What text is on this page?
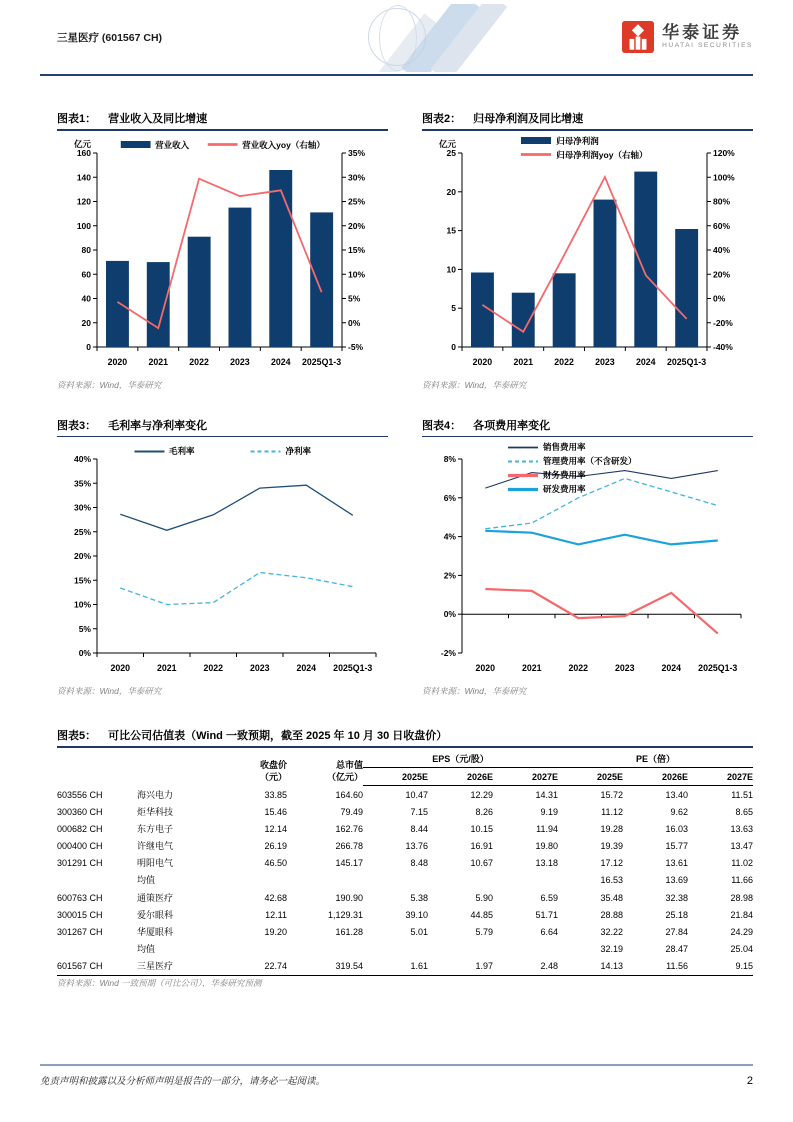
三星医疗 (601567 CH)	华泰证券
HUATAI SECURITIES
图表1： 营业收入及同比增速
0
20
40
60
80
100
120
140
160
亿元
-5%
0%
5%
10%
15%
20%
25%
30%
35%
2020 2021 2022 2023 2024 2025Q1-3
营业收入	营业收入yoy（右轴）
资料来源：Wind，华泰研究
图表2： 归母净利润及同比增速
0
5
10
15
20
25
亿元
-40%
-20%
0%
20%
40%
60%
80%
100%
120%
2020 2021 2022 2023 2024 2025Q1-3
归母净利润
归母净利润yoy（右轴）
资料来源：Wind，华泰研究
图表3： 毛利率与净利率变化
0%
5%
10%
15%
20%
25%
30%
35%
40%
2020	2021	2022	2023	2024 2025Q1-3
毛利率	净利率
资料来源：Wind，华泰研究
图表4： 各项费用率变化
-2%
0%
2%
4%
6%
8%
2020	2021	2022	2023	2024 2025Q1-3
销售费用率
管理费用率（不含研发）
财务费用率
研发费用率
资料来源：Wind，华泰研究
图表5： 可比公司估值表（Wind 一致预期，截至 2025 年 10 月 30 日收盘价）

收盘价
（元）

总市值
（亿元）
	EPS（元/股）	PE（倍）
				2025E	2026E	2027E	2025E	2026E	2027E
603556 CH	海兴电力	33.85	164.60	10.47	12.29	14.31	15.72	13.40	11.51
300360 CH	炬华科技	15.46	79.49	7.15	8.26	9.19	11.12	9.62	8.65
000682 CH	东方电子	12.14	162.76	8.44	10.15	11.94	19.28	16.03	13.63
000400 CH	许继电气	26.19	266.78	13.76	16.91	19.80	19.39	15.77	13.47
301291 CH	明阳电气	46.50	145.17	8.48	10.67	13.18	17.12	13.61	11.02
	均值						16.53	13.69	11.66
600763 CH	通策医疗	42.68	190.90	5.38	5.90	6.59	35.48	32.38	28.98
300015 CH	爱尔眼科	12.11	1,129.31	39.10	44.85	51.71	28.88	25.18	21.84
301267 CH	华厦眼科	19.20	161.28	5.01	5.79	6.64	32.22	27.84	24.29
	均值						32.19	28.47	25.04
601567 CH	三星医疗	22.74	319.54	1.61	1.97	2.48	14.13	11.56	9.15
资料来源：Wind 一致预期（可比公司），华泰研究预测
免责声明和披露以及分析师声明是报告的一部分，请务必一起阅读。	2
